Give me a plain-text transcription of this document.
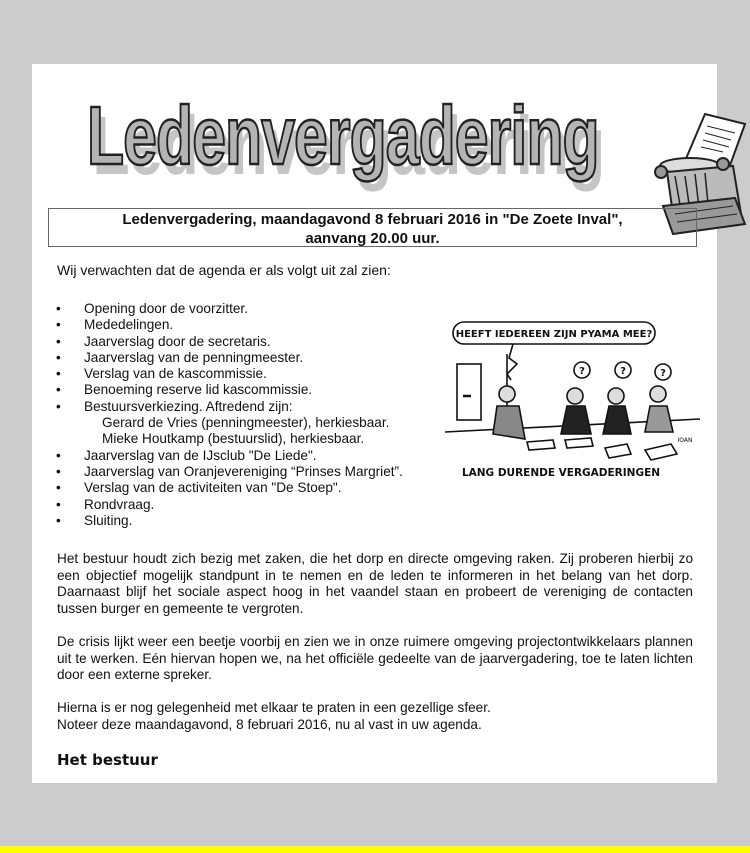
Ledenvergadering
Ledenvergadering, maandagavond 8 februari 2016 in "De Zoete Inval",
aanvang 20.00 uur.
Wij verwachten dat de agenda er als volgt uit zal zien:
• Opening door de voorzitter.
• Mededelingen.
• Jaarverslag door de secretaris.
• Jaarverslag van de penningmeester.
• Verslag van de kascommissie.
• Benoeming reserve lid kascommissie.
• Bestuursverkiezing. Aftredend zijn:
Gerard de Vries (penningmeester), herkiesbaar.
Mieke Houtkamp (bestuurslid), herkiesbaar.
• Jaarverslag van de IJsclub "De Liede".
• Jaarverslag van Oranjevereniging “Prinses Margriet”.
• Verslag van de activiteiten van "De Stoep".
• Rondvraag.
• Sluiting.
HEEFT IEDEREEN ZIJN PYAMA MEE?
?	?	?
IOAN
LANG DURENDE VERGADERINGEN

Het bestuur houdt zich bezig met zaken, die het dorp en directe omgeving raken. Zij proberen hierbij zo een objectief mogelijk standpunt in te nemen en de leden te informeren in het belang van het dorp. Daarnaast blijf het sociale aspect hoog in het vaandel staan en probeert de vereniging de contacten tussen burger en gemeente te vergroten.

De crisis lijkt weer een beetje voorbij en zien we in onze ruimere omgeving projectontwikkelaars plannen uit te werken. Eén hiervan hopen we, na het officiële gedeelte van de jaarvergadering, toe te laten lichten door een externe spreker.

Hierna is er nog gelegenheid met elkaar te praten in een gezellige sfeer.
Noteer deze maandagavond, 8 februari 2016, nu al vast in uw agenda.
Het bestuur
